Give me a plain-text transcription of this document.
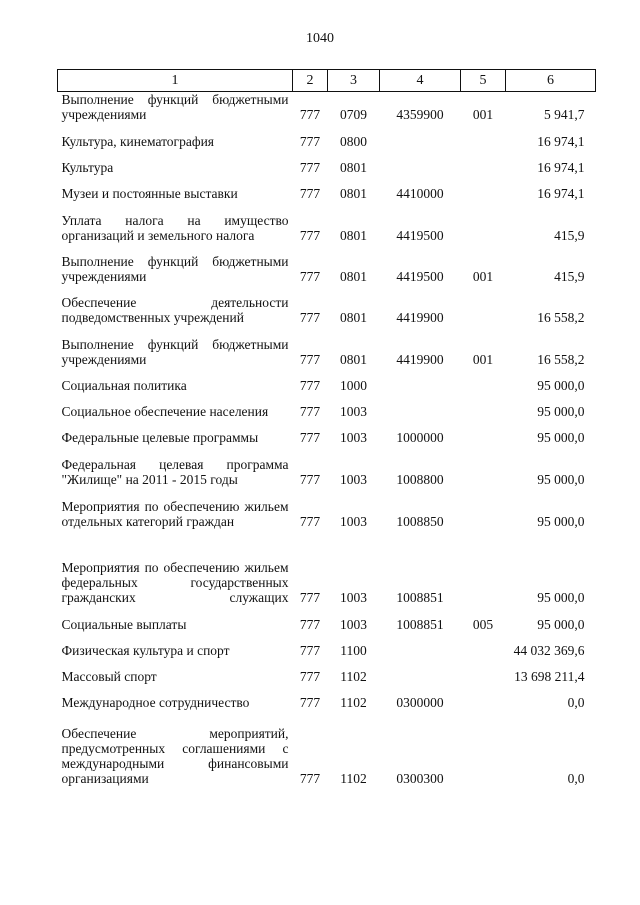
1040
1	2	3	4	5	6
Выполнение функций бюджетными учреждениями	777	0709	4359900	001	5 941,7
Культура, кинематография	777	0800			16 974,1
Культура	777	0801			16 974,1
Музеи и постоянные выставки	777	0801	4410000		16 974,1
Уплата налога на имущество организаций и земельного налога	777	0801	4419500		415,9
Выполнение функций бюджетными учреждениями	777	0801	4419500	001	415,9
Обеспечение деятельности подведомственных учреждений	777	0801	4419900		16 558,2
Выполнение функций бюджетными учреждениями	777	0801	4419900	001	16 558,2
Социальная политика	777	1000			95 000,0
Социальное обеспечение населения	777	1003			95 000,0
Федеральные целевые программы	777	1003	1000000		95 000,0
Федеральная целевая программа "Жилище" на 2011 - 2015 годы	777	1003	1008800		95 000,0
Мероприятия по обеспечению жильем отдельных категорий граждан	777	1003	1008850		95 000,0
Мероприятия по обеспечению жильем федеральных государственных гражданских служащих	777	1003	1008851		95 000,0
Социальные выплаты	777	1003	1008851	005	95 000,0
Физическая культура и спорт	777	1100			44 032 369,6
Массовый спорт	777	1102			13 698 211,4
Международное сотрудничество	777	1102	0300000		0,0
Обеспечение мероприятий, предусмотренных соглашениями с международными финансовыми организациями	777	1102	0300300		0,0
